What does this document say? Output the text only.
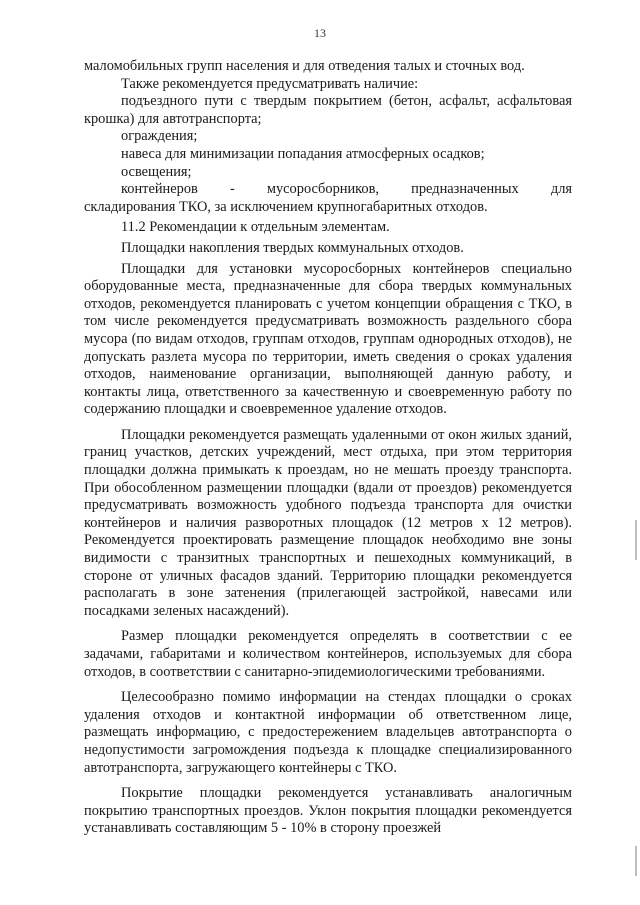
13

маломобильных групп населения и для отведения талых и сточных вод.

Также рекомендуется предусматривать наличие:

подъездного пути с твердым покрытием (бетон, асфальт, асфальтовая крошка) для автотранспорта;

ограждения;

навеса для минимизации попадания атмосферных осадков;

освещения;

контейнеров - мусоросборников, предназначенных для

складирования ТКО, за исключением крупногабаритных отходов.

11.2 Рекомендации к отдельным элементам.

Площадки накопления твердых коммунальных отходов.

Площадки для установки мусоросборных контейнеров специально оборудованные места, предназначенные для сбора твердых коммунальных отходов, рекомендуется планировать с учетом концепции обращения с ТКО, в том числе рекомендуется предусматривать возможность раздельного сбора мусора (по видам отходов, группам отходов, группам однородных отходов), не допускать разлета мусора по территории, иметь сведения о сроках удаления отходов, наименование организации, выполняющей данную работу, и контакты лица, ответственного за качественную и своевременную работу по содержанию площадки и своевременное удаление отходов.

Площадки рекомендуется размещать удаленными от окон жилых зданий, границ участков, детских учреждений, мест отдыха, при этом территория площадки должна примыкать к проездам, но не мешать проезду транспорта. При обособленном размещении площадки (вдали от проездов) рекомендуется предусматривать возможность удобного подъезда транспорта для очистки контейнеров и наличия разворотных площадок (12 метров х 12 метров). Рекомендуется проектировать размещение площадок необходимо вне зоны видимости с транзитных транспортных и пешеходных коммуникаций, в стороне от уличных фасадов зданий. Территорию площадки рекомендуется располагать в зоне затенения (прилегающей застройкой, навесами или посадками зеленых насаждений).

Размер площадки рекомендуется определять в соответствии с ее задачами, габаритами и количеством контейнеров, используемых для сбора отходов, в соответствии с санитарно-эпидемиологическими требованиями.

Целесообразно помимо информации на стендах площадки о сроках удаления отходов и контактной информации об ответственном лице, размещать информацию, с предостережением владельцев автотранспорта о недопустимости загромождения подъезда к площадке специализированного автотранспорта, загружающего контейнеры с ТКО.

Покрытие площадки рекомендуется устанавливать аналогичным покрытию транспортных проездов. Уклон покрытия площадки рекомендуется устанавливать составляющим 5 - 10% в сторону проезжей
